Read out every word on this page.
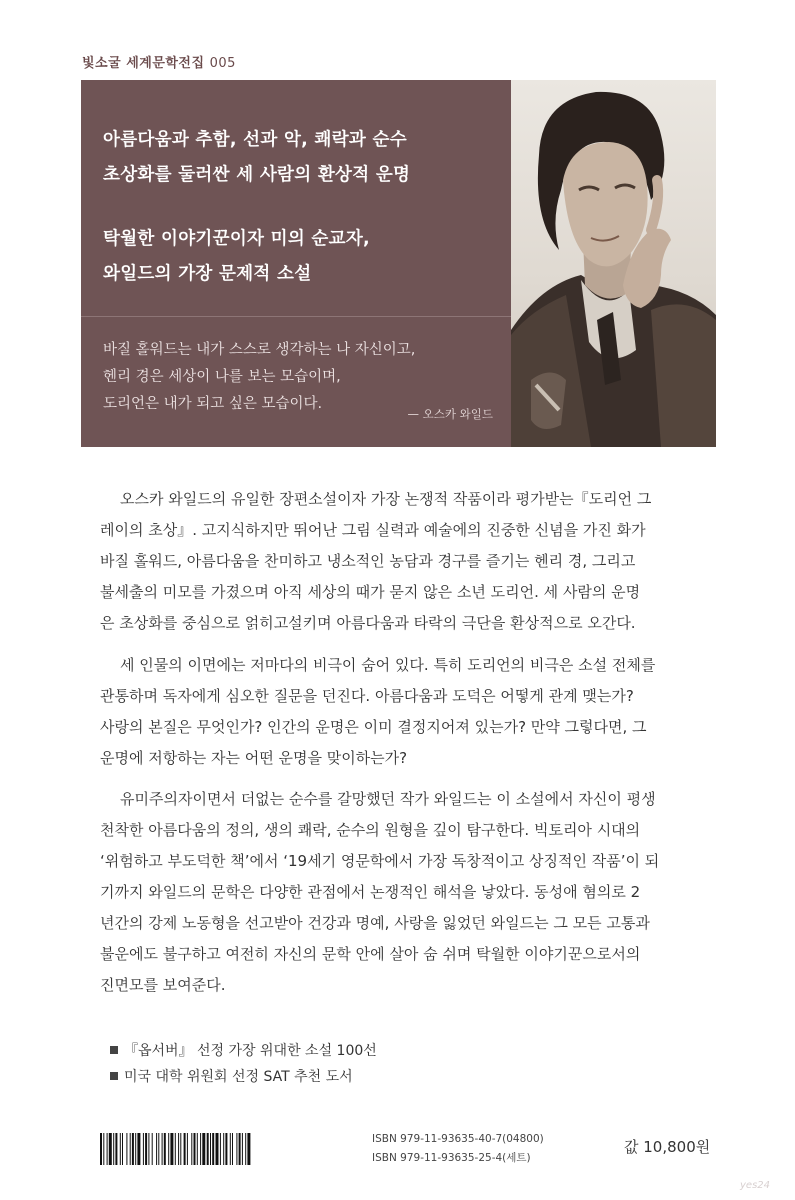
빛소굴 세계문학전집 005
아름다움과 추함, 선과 악, 쾌락과 순수
초상화를 둘러싼 세 사람의 환상적 운명
탁월한 이야기꾼이자 미의 순교자,
와일드의 가장 문제적 소설
바질 홀워드는 내가 스스로 생각하는 나 자신이고,
헨리 경은 세상이 나를 보는 모습이며,
도리언은 내가 되고 싶은 모습이다.
— 오스카 와일드
오스카 와일드의 유일한 장편소설이자 가장 논쟁적 작품이라 평가받는『도리언 그
레이의 초상』. 고지식하지만 뛰어난 그림 실력과 예술에의 진중한 신념을 가진 화가
바질 홀워드, 아름다움을 찬미하고 냉소적인 농담과 경구를 즐기는 헨리 경, 그리고
불세출의 미모를 가졌으며 아직 세상의 때가 묻지 않은 소년 도리언. 세 사람의 운명
은 초상화를 중심으로 얽히고설키며 아름다움과 타락의 극단을 환상적으로 오간다.
세 인물의 이면에는 저마다의 비극이 숨어 있다. 특히 도리언의 비극은 소설 전체를
관통하며 독자에게 심오한 질문을 던진다. 아름다움과 도덕은 어떻게 관계 맺는가?
사랑의 본질은 무엇인가? 인간의 운명은 이미 결정지어져 있는가? 만약 그렇다면, 그
운명에 저항하는 자는 어떤 운명을 맞이하는가?
유미주의자이면서 더없는 순수를 갈망했던 작가 와일드는 이 소설에서 자신이 평생
천착한 아름다움의 정의, 생의 쾌락, 순수의 원형을 깊이 탐구한다. 빅토리아 시대의
‘위험하고 부도덕한 책’에서 ‘19세기 영문학에서 가장 독창적이고 상징적인 작품’이 되
기까지 와일드의 문학은 다양한 관점에서 논쟁적인 해석을 낳았다. 동성애 혐의로 2
년간의 강제 노동형을 선고받아 건강과 명예, 사랑을 잃었던 와일드는 그 모든 고통과
불운에도 불구하고 여전히 자신의 문학 안에 살아 숨 쉬며 탁월한 이야기꾼으로서의
진면모를 보여준다.
『옵서버』 선정 가장 위대한 소설 100선
미국 대학 위원회 선정 SAT 추천 도서
ISBN 979-11-93635-40-7(04800)
ISBN 979-11-93635-25-4(세트)
값 10,800원
yes24
